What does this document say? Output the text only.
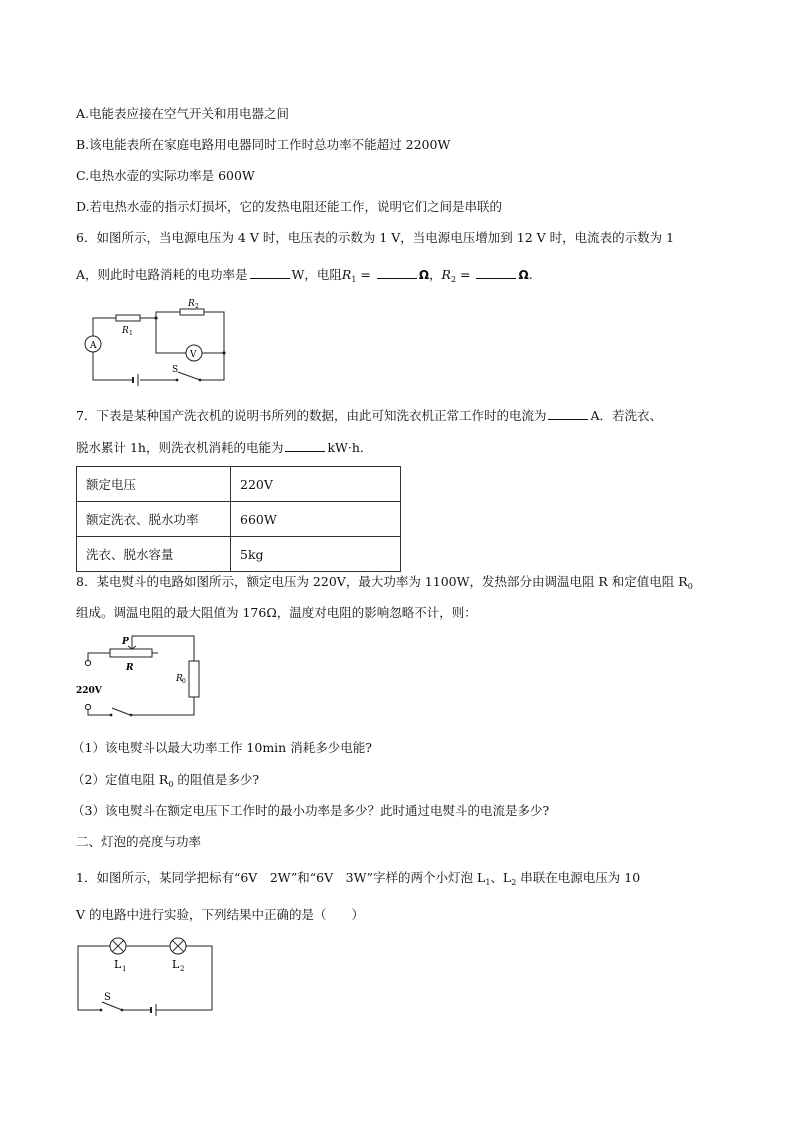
A.电能表应接在空气开关和用电器之间
B.该电能表所在家庭电路用电器同时工作时总功率不能超过 2200W
C.电热水壶的实际功率是 600W
D.若电热水壶的指示灯损坏，它的发热电阻还能工作，说明它们之间是串联的
6．如图所示，当电源电压为 4 V 时，电压表的示数为 1 V，当电源电压增加到 12 V 时，电流表的示数为 1
A，则此时电路消耗的电功率是	W，电阻$R_1$ =	Ω，$R_2$ =	Ω.
R 2
R 1
A
V
S
7．下表是某种国产洗衣机的说明书所列的数据，由此可知洗衣机正常工作时的电流为	A．若洗衣、
脱水累计 1h，则洗衣机消耗的电能为	kW·h．
额定电压	220V
额定洗衣、脱水功率	660W
洗衣、脱水容量	5kg
8．某电熨斗的电路如图所示，额定电压为 220V，最大功率为 1100W，发热部分由调温电阻 R 和定值电阻 $R_0$
组成。调温电阻的最大阻值为 176Ω，温度对电阻的影响忽略不计，则：
P
R
R 0
220V
（1）该电熨斗以最大功率工作 10min 消耗多少电能?
（2）定值电阻 $R_0$ 的阻值是多少?
（3）该电熨斗在额定电压下工作时的最小功率是多少？此时通过电熨斗的电流是多少?
二、灯泡的亮度与功率
1．如图所示，某同学把标有“6V　2W”和“6V　3W”字样的两个小灯泡 $L_1$、$L_2$ 串联在电源电压为 10
V 的电路中进行实验，下列结果中正确的是（　　）
L 1	L 2
S
